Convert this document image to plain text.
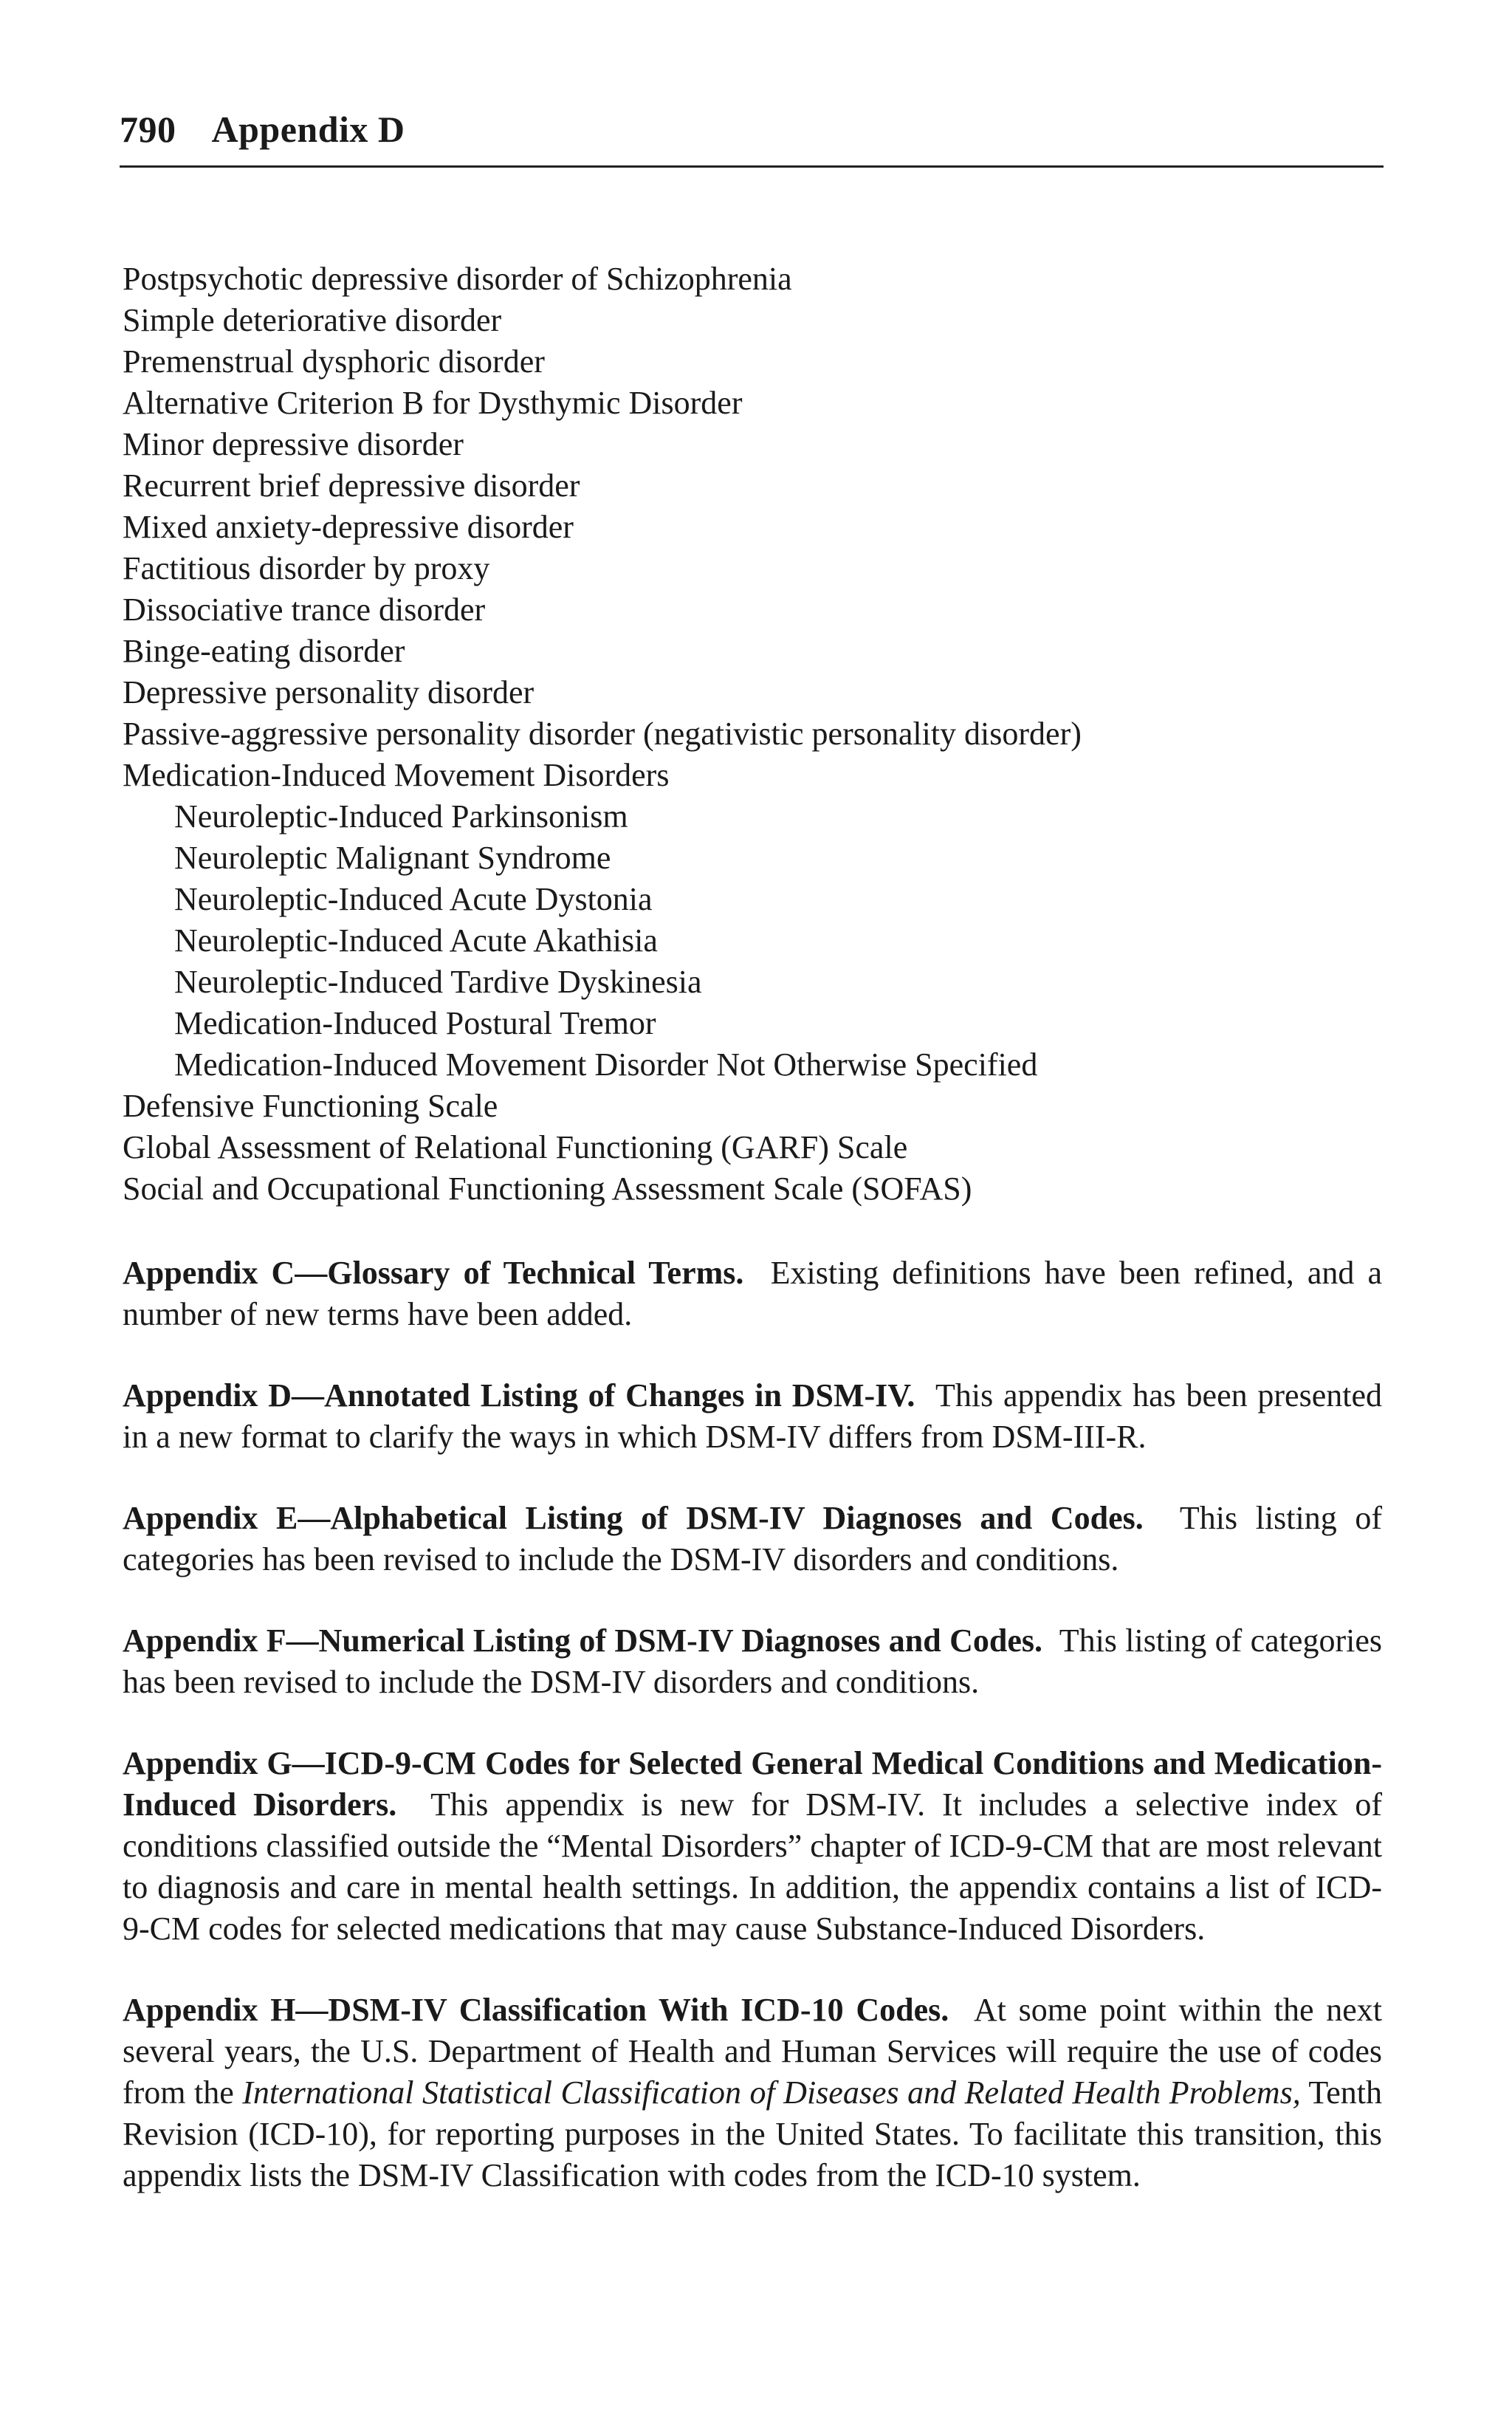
790 Appendix D
Postpsychotic depressive disorder of Schizophrenia
Simple deteriorative disorder
Premenstrual dysphoric disorder
Alternative Criterion B for Dysthymic Disorder
Minor depressive disorder
Recurrent brief depressive disorder
Mixed anxiety-depressive disorder
Factitious disorder by proxy
Dissociative trance disorder
Binge-eating disorder
Depressive personality disorder
Passive-aggressive personality disorder (negativistic personality disorder)
Medication-Induced Movement Disorders
Neuroleptic-Induced Parkinsonism
Neuroleptic Malignant Syndrome
Neuroleptic-Induced Acute Dystonia
Neuroleptic-Induced Acute Akathisia
Neuroleptic-Induced Tardive Dyskinesia
Medication-Induced Postural Tremor
Medication-Induced Movement Disorder Not Otherwise Specified
Defensive Functioning Scale
Global Assessment of Relational Functioning (GARF) Scale
Social and Occupational Functioning Assessment Scale (SOFAS)

Appendix C—Glossary of Technical Terms. Existing definitions have been refined, and a number of new terms have been added.

Appendix D—Annotated Listing of Changes in DSM-IV. This appendix has been presented in a new format to clarify the ways in which DSM-IV differs from DSM-III-R.

Appendix E—Alphabetical Listing of DSM-IV Diagnoses and Codes. This listing of categories has been revised to include the DSM-IV disorders and conditions.

Appendix F—Numerical Listing of DSM-IV Diagnoses and Codes. This listing of categories has been revised to include the DSM-IV disorders and conditions.

Appendix G—ICD-9-CM Codes for Selected General Medical Conditions and Medication-Induced Disorders. This appendix is new for DSM-IV. It includes a selective index of conditions classified outside the “Mental Disorders” chapter of ICD-9-CM that are most relevant to diagnosis and care in mental health settings. In addition, the appendix contains a list of ICD-9-CM codes for selected medications that may cause Substance-Induced Disorders.

Appendix H—DSM-IV Classification With ICD-10 Codes. At some point within the next several years, the U.S. Department of Health and Human Services will require the use of codes from the International Statistical Classification of Diseases and Related Health Problems, Tenth Revision (ICD-10), for reporting purposes in the United States. To facilitate this transition, this appendix lists the DSM-IV Classification with codes from the ICD-10 system.
